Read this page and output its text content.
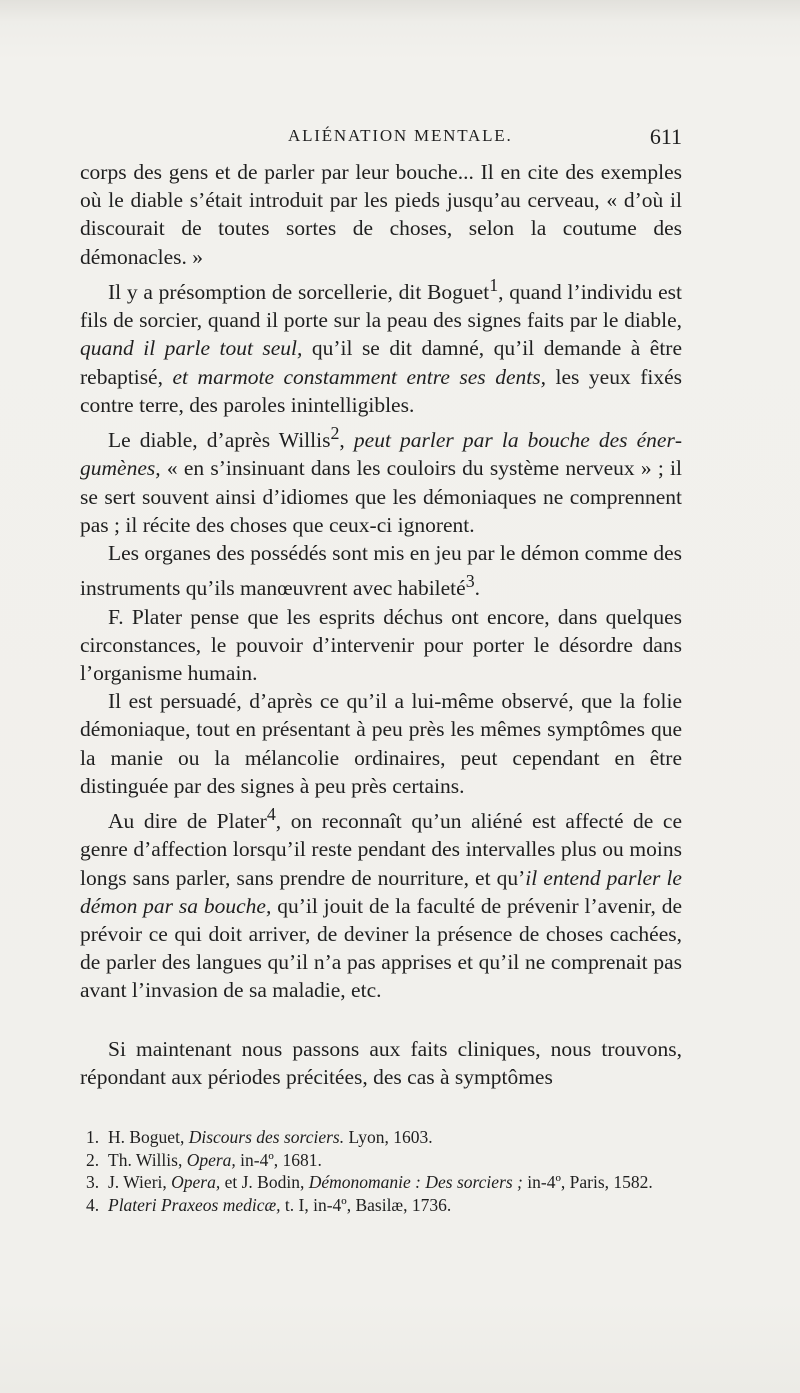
ALIÉNATION MENTALE.	611

corps des gens et de parler par leur bouche... Il en cite des exemples où le diable s’était introduit par les pieds jusqu’au cerveau, « d’où il discourait de toutes sortes de choses, selon la coutume des démonacles. »

Il y a présomption de sorcellerie, dit Boguet$^1$, quand l’individu est fils de sorcier, quand il porte sur la peau des signes faits par le diable, quand il parle tout seul, qu’il se dit damné, qu’il demande à être rebaptisé, et marmote constamment entre ses dents, les yeux fixés contre terre, des paroles inintelligibles.

Le diable, d’après Willis$^2$, peut parler par la bouche des énergumènes, « en s’insinuant dans les couloirs du système nerveux » ; il se sert souvent ainsi d’idiomes que les démoniaques ne comprennent pas ; il récite des choses que ceux-ci ignorent.

Les organes des possédés sont mis en jeu par le démon comme des instruments qu’ils manœuvrent avec habileté$^3$.

F. Plater pense que les esprits déchus ont encore, dans quelques circonstances, le pouvoir d’intervenir pour porter le désordre dans l’organisme humain.

Il est persuadé, d’après ce qu’il a lui-même observé, que la folie démoniaque, tout en présentant à peu près les mêmes symptômes que la manie ou la mélancolie ordinaires, peut cependant en être distinguée par des signes à peu près certains.

Au dire de Plater$^4$, on reconnaît qu’un aliéné est affecté de ce genre d’affection lorsqu’il reste pendant des intervalles plus ou moins longs sans parler, sans prendre de nourriture, et qu’il entend parler le démon par sa bouche, qu’il jouit de la faculté de prévenir l’avenir, de prévoir ce qui doit arriver, de deviner la présence de choses cachées, de parler des langues qu’il n’a pas apprises et qu’il ne comprenait pas avant l’invasion de sa maladie, etc.

Si maintenant nous passons aux faits cliniques, nous trouvons, répondant aux périodes précitées, des cas à symptômes

1. H. Boguet, Discours des sorciers. Lyon, 1603.

2. Th. Willis, Opera, in-4º, 1681.

3. J. Wieri, Opera, et J. Bodin, Démonomanie : Des sorciers ; in-4º, Paris, 1582.

4. Plateri Praxeos medicæ, t. I, in-4º, Basilæ, 1736.
